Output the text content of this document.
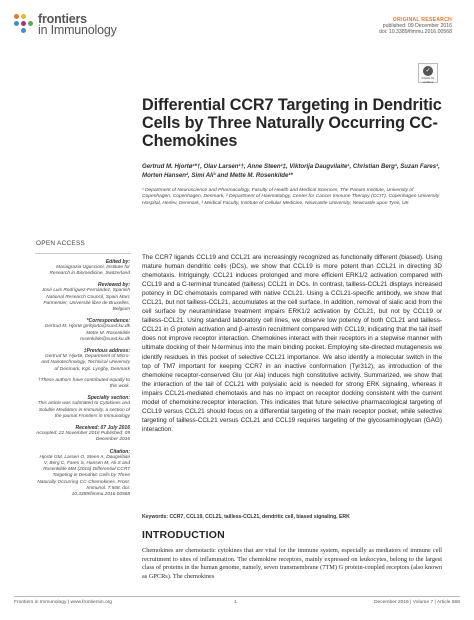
frontiers
in Immunology
ORIGINAL RESEARCH
published: 09 December 2016
doi: 10.3389/fimmu.2016.00568
✓
Check for updates
Differential CCR7 Targeting in Dendritic Cells by Three Naturally Occurring CC-Chemokines
Gertrud M. Hjortø¹*†, Olav Larsen¹†, Anne Steen¹‡, Viktorija Daugvilaite¹, Christian Berg¹, Suzan Fares¹, Morten Hansen², Simi Ali³ and Mette M. Rosenkilde¹*
¹ Department of Neuroscience and Pharmacology, Faculty of Health and Medical Sciences, The Panum Institute, University of Copenhagen, Copenhagen, Denmark, ² Department of Haematology, Center for Cancer Immune Therapy (CCIT), Copenhagen University Hospital, Herlev, Denmark, ³ Medical Faculty, Institute of Cellular Medicine, Newcastle University, Newcastle upon Tyne, UK
OPEN ACCESS
Edited by:
Mariagrazia Uguccioni, Institute for Research in Biomedicine, Switzerland
Reviewed by:
José Luis Rodríguez-Fernández, Spanish National Research Council, Spain Marc Parmentier, Université libre de Bruxelles, Belgium
*Correspondence:
Gertrud M. Hjortø gmhjorto@sund.ku.dk Mette M. Rosenkilde rosenkilde@sund.ku.dk
‡Previous address:
Gertrud M. Hjortø, Department of Micro- and Nanotechnology, Technical University of Denmark, Kgs. Lyngby, Denmark
†These authors have contributed equally to this work.
Specialty section:
This article was submitted to Cytokines and Soluble Mediators in Immunity, a section of the journal Frontiers in Immunology
Received: 07 July 2016
Accepted: 22 November 2016 Published: 09 December 2016
Citation:
Hjortø GM, Larsen O, Steen A, Daugvilaite V, Berg C, Fares S, Hansen M, Ali S and Rosenkilde MM (2016) Differential CCR7 Targeting in Dendritic Cells by Three Naturally Occurring CC-Chemokines. Front. Immunol. 7:568. doi: 10.3389/fimmu.2016.00568

The CCR7 ligands CCL19 and CCL21 are increasingly recognized as functionally different (biased). Using mature human dendritic cells (DCs), we show that CCL19 is more potent than CCL21 in directing 3D chemotaxis. Intriguingly, CCL21 induces prolonged and more efficient ERK1/2 activation compared with CCL19 and a C-terminal truncated (tailless) CCL21 in DCs. In contrast, tailless-CCL21 displays increased potency in DC chemotaxis compared with native CCL21. Using a CCL21-specific antibody, we show that CCL21, but not tailless-CCL21, accumulates at the cell surface. In addition, removal of sialic acid from the cell surface by neuraminidase treatment impairs ERK1/2 activation by CCL21, but not by CCL19 or tailless-CCL21. Using standard laboratory cell lines, we observe low potency of both CCL21 and tailless-CCL21 in G protein activation and β-arrestin recruitment compared with CCL19, indicating that the tail itself does not improve receptor interaction. Chemokines interact with their receptors in a stepwise manner with ultimate docking of their N-terminus into the main binding pocket. Employing site-directed mutagenesis we identify residues in this pocket of selective CCL21 importance. We also identify a molecular switch in the top of TM7 important for keeping CCR7 in an inactive conformation (Tyr312), as introduction of the chemokine receptor-conserved Glu (or Ala) induces high constitutive activity. Summarized, we show that the interaction of the tail of CCL21 with polysialic acid is needed for strong ERK signaling, whereas it impairs CCL21-mediated chemotaxis and has no impact on receptor docking consistent with the current model of chemokine:receptor interaction. This indicates that future selective pharmacological targeting of CCL19 versus CCL21 should focus on a differential targeting of the main receptor pocket, while selective targeting of tailless-CCL21 versus CCL21 and CCL19 requires targeting of the glycosaminoglycan (GAG) interaction.

Keywords: CCR7, CCL19, CCL21, tailless-CCL21, dendritic cell, biased signaling, ERK
INTRODUCTION

Chemokines are chemotactic cytokines that are vital for the immune system, especially as mediators of immune cell recruitment to sites of inflammation. The chemokine receptors, mainly expressed on leukocytes, belong to the largest class of proteins in the human genome, namely, seven transmembrane (7TM) G protein-coupled receptors (also known as GPCRs). The chemokines

Frontiers in Immunology | www.frontiersin.org	1	December 2016 | Volume 7 | Article 568
